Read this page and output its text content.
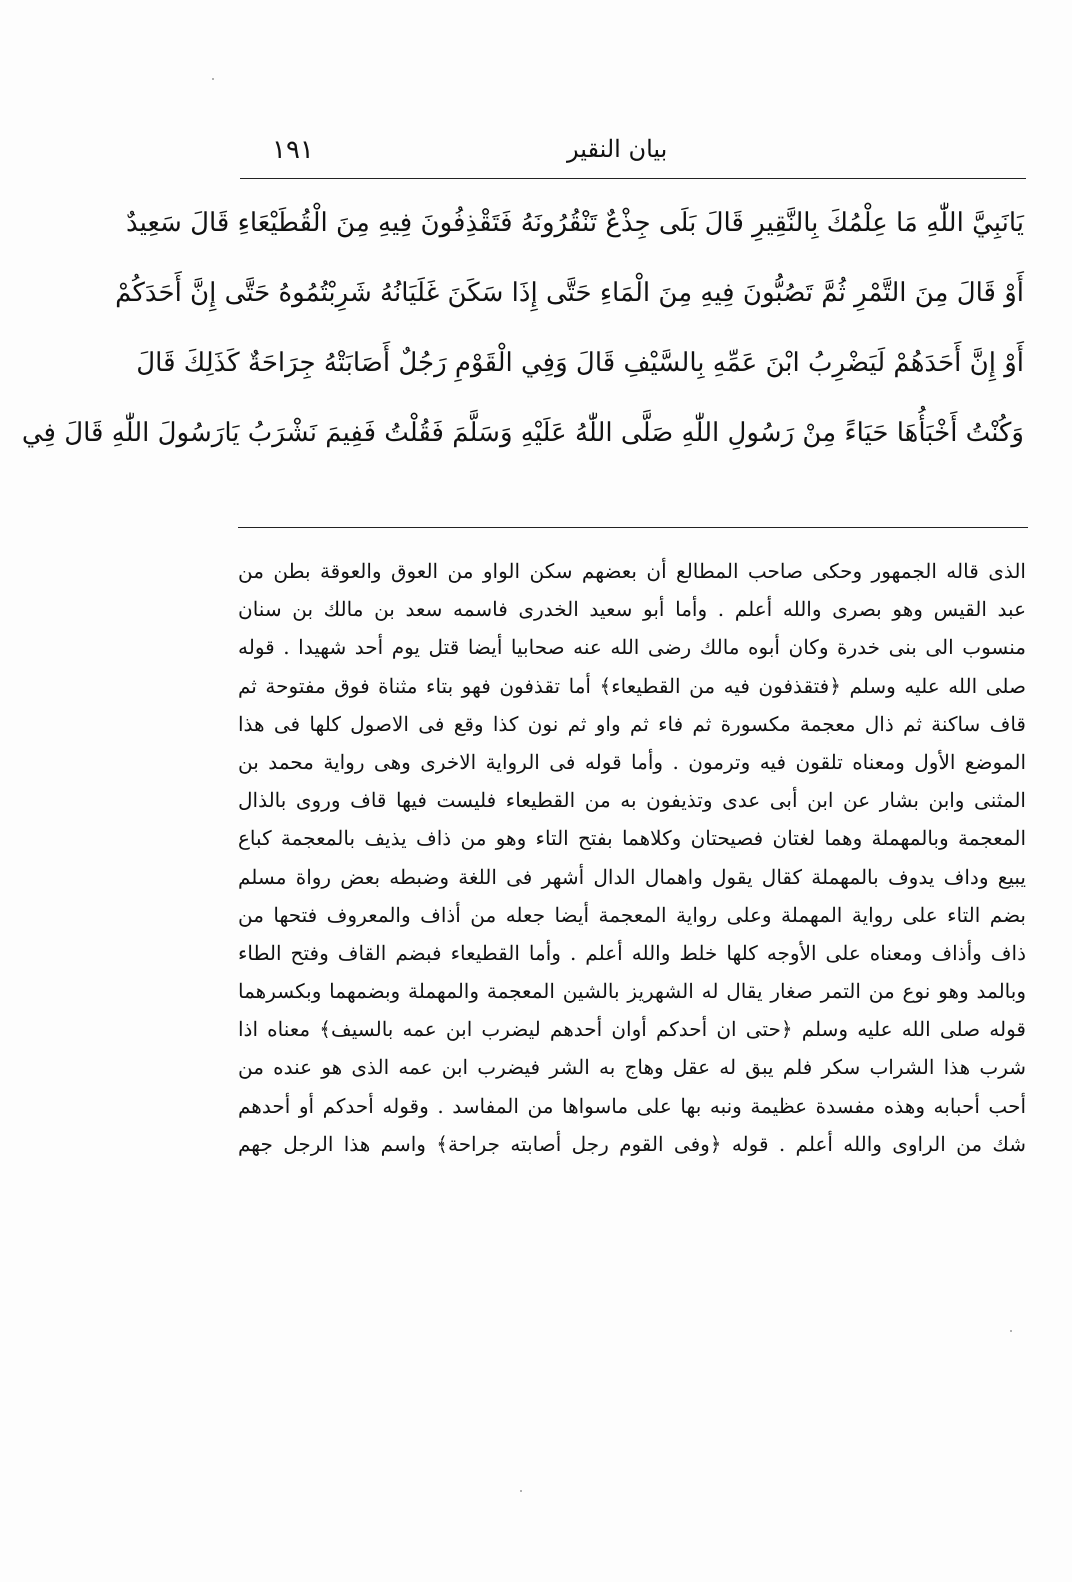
١٩١	بيان النقير
يَانَبِيَّ اللّٰهِ مَا عِلْمُكَ بِالنَّقِيرِ قَالَ بَلَى جِذْعٌ تَنْقُرُونَهُ فَتَقْذِفُونَ فِيهِ مِنَ الْقُطَيْعَاءِ قَالَ سَعِيدٌ
أَوْ قَالَ مِنَ التَّمْرِ ثُمَّ تَصُبُّونَ فِيهِ مِنَ الْمَاءِ حَتَّى إِذَا سَكَنَ غَلَيَانُهُ شَرِبْتُمُوهُ حَتَّى إِنَّ أَحَدَكُمْ
أَوْ إِنَّ أَحَدَهُمْ لَيَضْرِبُ ابْنَ عَمِّهِ بِالسَّيْفِ قَالَ وَفِي الْقَوْمِ رَجُلٌ أَصَابَتْهُ جِرَاحَةٌ كَذَلِكَ قَالَ
وَكُنْتُ أَخْبَأُهَا حَيَاءً مِنْ رَسُولِ اللّٰهِ صَلَّى اللّٰهُ عَلَيْهِ وَسَلَّمَ فَقُلْتُ فَفِيمَ نَشْرَبُ يَارَسُولَ اللّٰهِ قَالَ فِي
الذى قاله الجمهور وحكى صاحب المطالع أن بعضهم سكن الواو من العوق والعوقة بطن من
عبد القيس وهو بصرى والله أعلم . وأما أبو سعيد الخدرى فاسمه سعد بن مالك بن سنان
منسوب الى بنى خدرة وكان أبوه مالك رضى الله عنه صحابيا أيضا قتل يوم أحد شهيدا . قوله
صلى الله عليه وسلم ﴿فتقذفون فيه من القطيعاء﴾ أما تقذفون فهو بتاء مثناة فوق مفتوحة ثم
قاف ساكنة ثم ذال معجمة مكسورة ثم فاء ثم واو ثم نون كذا وقع فى الاصول كلها فى هذا
الموضع الأول ومعناه تلقون فيه وترمون . وأما قوله فى الرواية الاخرى وهى رواية محمد بن
المثنى وابن بشار عن ابن أبى عدى وتذيفون به من القطيعاء فليست فيها قاف وروى بالذال
المعجمة وبالمهملة وهما لغتان فصيحتان وكلاهما بفتح التاء وهو من ذاف يذيف بالمعجمة كباع
يبيع وداف يدوف بالمهملة كقال يقول واهمال الدال أشهر فى اللغة وضبطه بعض رواة مسلم
بضم التاء على رواية المهملة وعلى رواية المعجمة أيضا جعله من أذاف والمعروف فتحها من
ذاف وأذاف ومعناه على الأوجه كلها خلط والله أعلم . وأما القطيعاء فبضم القاف وفتح الطاء
وبالمد وهو نوع من التمر صغار يقال له الشهريز بالشين المعجمة والمهملة وبضمهما وبكسرهما
قوله صلى الله عليه وسلم ﴿حتى ان أحدكم أوان أحدهم ليضرب ابن عمه بالسيف﴾ معناه اذا
شرب هذا الشراب سكر فلم يبق له عقل وهاج به الشر فيضرب ابن عمه الذى هو عنده من
أحب أحبابه وهذه مفسدة عظيمة ونبه بها على ماسواها من المفاسد . وقوله أحدكم أو أحدهم
شك من الراوى والله أعلم . قوله ﴿وفى القوم رجل أصابته جراحة﴾ واسم هذا الرجل جهم
